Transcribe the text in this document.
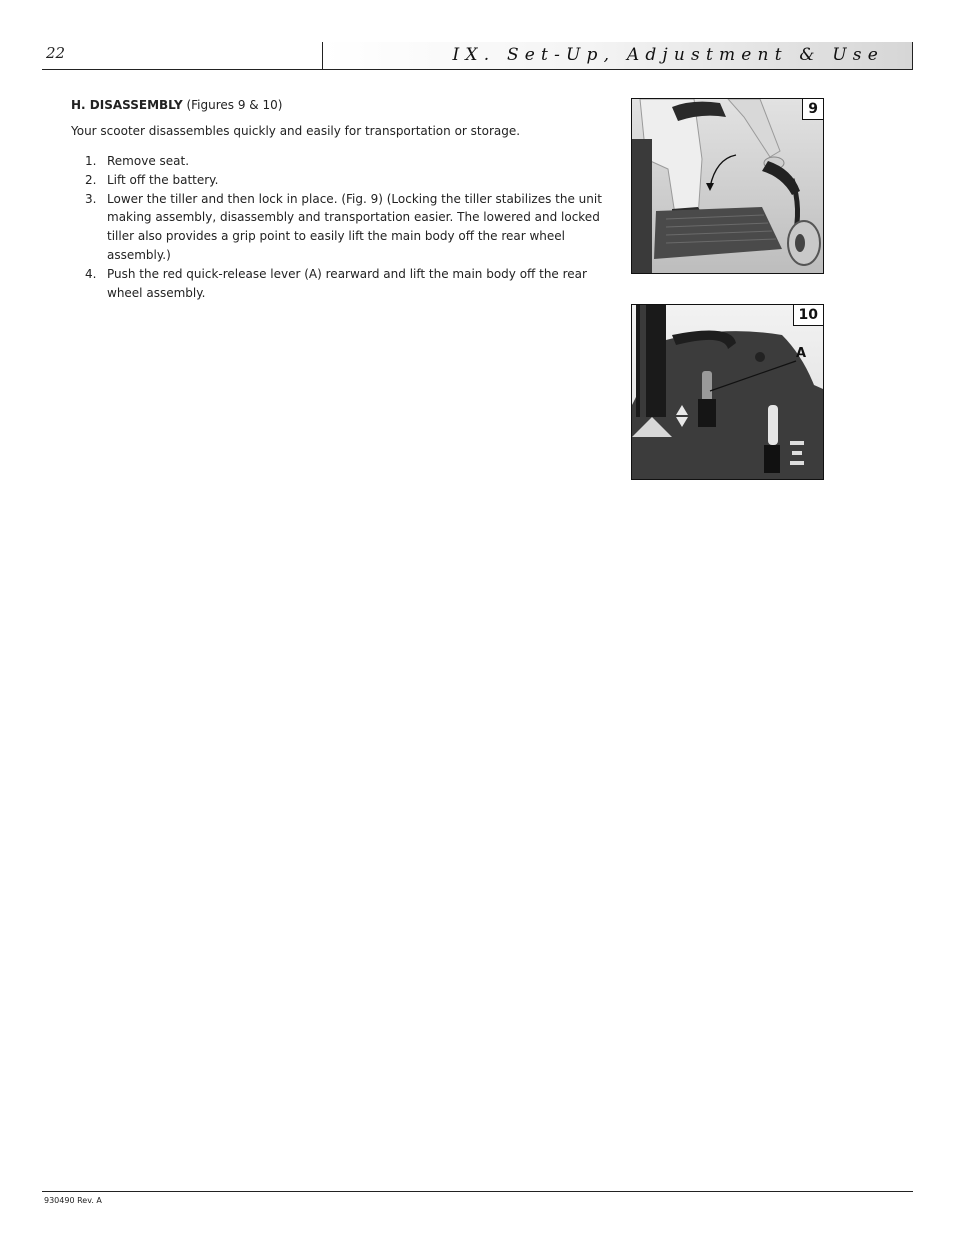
22	IX. Set-Up, Adjustment & Use
H. DISASSEMBLY (Figures 9 & 10)
Your scooter disassembles quickly and easily for transportation or storage.
1. Remove seat.
2. Lift off the battery.
3. Lower the tiller and then lock in place. (Fig. 9) (Locking the tiller stabilizes the unit making assembly, disassembly and transportation easier. The lowered and locked tiller also provides a grip point to easily lift the main body off the rear wheel assembly.)
4. Push the red quick-release lever (A) rearward and lift the main body off the rear wheel assembly.
9
10
A
930490 Rev. A
